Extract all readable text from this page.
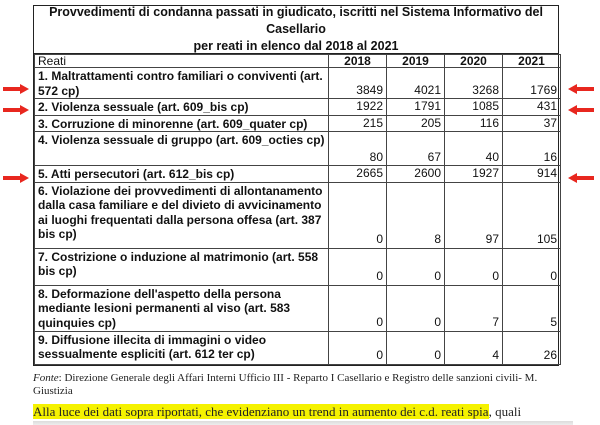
Provvedimenti di condanna passati in giudicato, iscritti nel Sistema Informativo del Casellario
per reati in elenco dal 2018 al 2021
Reati	2018	2019	2020	2021
1. Maltrattamenti contro familiari o conviventi (art. 572 cp)	3849	4021	3268	1769
2. Violenza sessuale (art. 609_bis cp)	1922	1791	1085	431
3. Corruzione di minorenne (art. 609_quater cp)	215	205	116	37
4. Violenza sessuale di gruppo (art. 609_octies cp)	80	67	40	16
5. Atti persecutori (art. 612_bis cp)	2665	2600	1927	914
6. Violazione dei provvedimenti di allontanamento dalla casa familiare e del divieto di avvicinamento ai luoghi frequentati dalla persona offesa (art. 387 bis cp)	0	8	97	105
7. Costrizione o induzione al matrimonio (art. 558 bis cp)	0	0	0	0
8. Deformazione dell'aspetto della persona mediante lesioni permanenti al viso (art. 583 quinquies cp)	0	0	7	5
9. Diffusione illecita di immagini o video sessualmente espliciti (art. 612 ter cp)	0	0	4	26
Fonte: Direzione Generale degli Affari Interni Ufficio III - Reparto I Casellario e Registro delle sanzioni civili- M. Giustizia
Alla luce dei dati sopra riportati, che evidenziano un trend in aumento dei c.d. reati spia, quali
